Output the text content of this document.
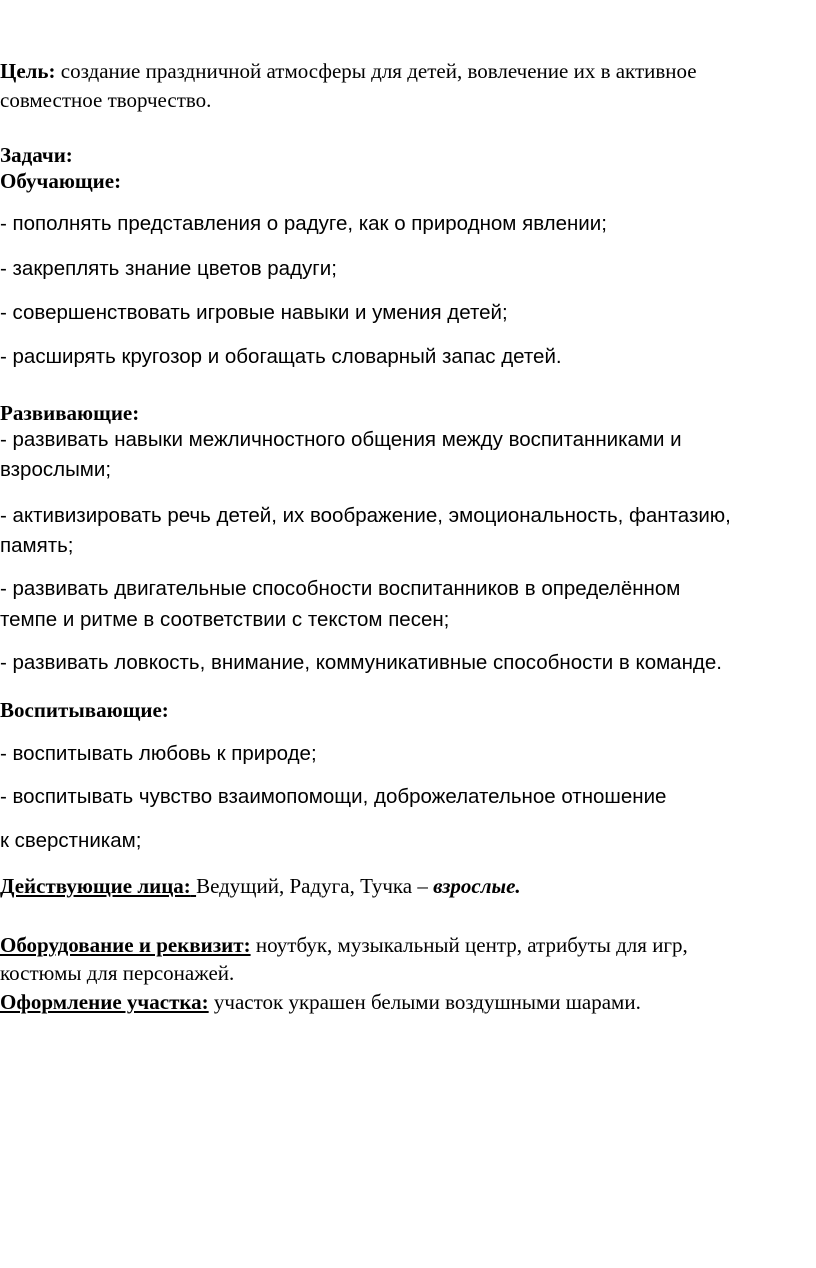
Цель: создание праздничной атмосферы для детей, вовлечение их в активное
совместное творчество.
Задачи:
Обучающие:
- пополнять представления о радуге, как о природном явлении;
- закреплять знание цветов радуги;
- совершенствовать игровые навыки и умения детей;
- расширять кругозор и обогащать словарный запас детей.
Развивающие:
- развивать навыки межличностного общения между воспитанниками и
взрослыми;
- активизировать речь детей, их воображение, эмоциональность, фантазию,
память;
- развивать двигательные способности воспитанников в определённом
темпе и ритме в соответствии с текстом песен;
- развивать ловкость, внимание, коммуникативные способности в команде.
Воспитывающие:
- воспитывать любовь к природе;
- воспитывать чувство взаимопомощи, доброжелательное отношение
к сверстникам;
Действующие лица: Ведущий, Радуга, Тучка – взрослые.
Оборудование и реквизит: ноутбук, музыкальный центр, атрибуты для игр,
костюмы для персонажей.
Оформление участка: участок украшен белыми воздушными шарами.
